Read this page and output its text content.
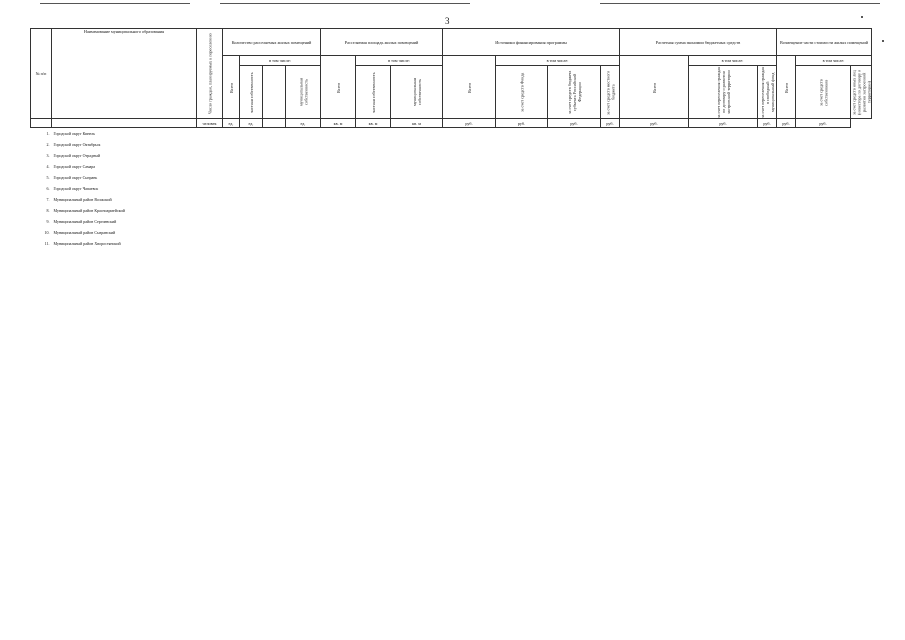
3
№ п/п	Наименование муниципального образования	Число граждан, планируемых к переселению	Количество расселяемых жилых помещений				Расселяемая площадь жилых помещений			Источники финансирования программы				Расчетная сумма экономии бюджетных средств			Возмещение части стоимости жилых помещений		
			Всего	в том числе:			Всего	в том числе:		Всего	в том числе:			Всего	в том числе:		Всего	в том числе:	
				частная собственность		муниципальная собственность		частная собственность	муниципальная собственность		за счет средств Фонда	за счет средств бюджета субъекта Российской Федерации	за счет средств местного бюджета		за счет переселения граждан по договору о развитии застроенной территории	за счет переселения граждан в свободный муниципальный фонд		за счет средств собственников	за счет средств иных лиц (инвестора по договору о развитии застроенной территории)
		человек	ед.	ед.		ед.	кв. м	кв. м	кв. м	руб.	руб.	руб.	руб.	руб.	руб.	руб.	руб.	руб.	
1.	Городской округ Кинель																		
2.	Городской округ Октябрьск																		
3.	Городской округ Отрадный																		
4.	Городской округ Самара																		
5.	Городской округ Сызрань																		
6.	Городской округ Чапаевск																		
7.	Муниципальный район Волжский																		
8.	Муниципальный район Красноармейский																		
9.	Муниципальный район Сергиевский																		
10.	Муниципальный район Сызранский																		
11.	Муниципальный район Хворостянский																		
